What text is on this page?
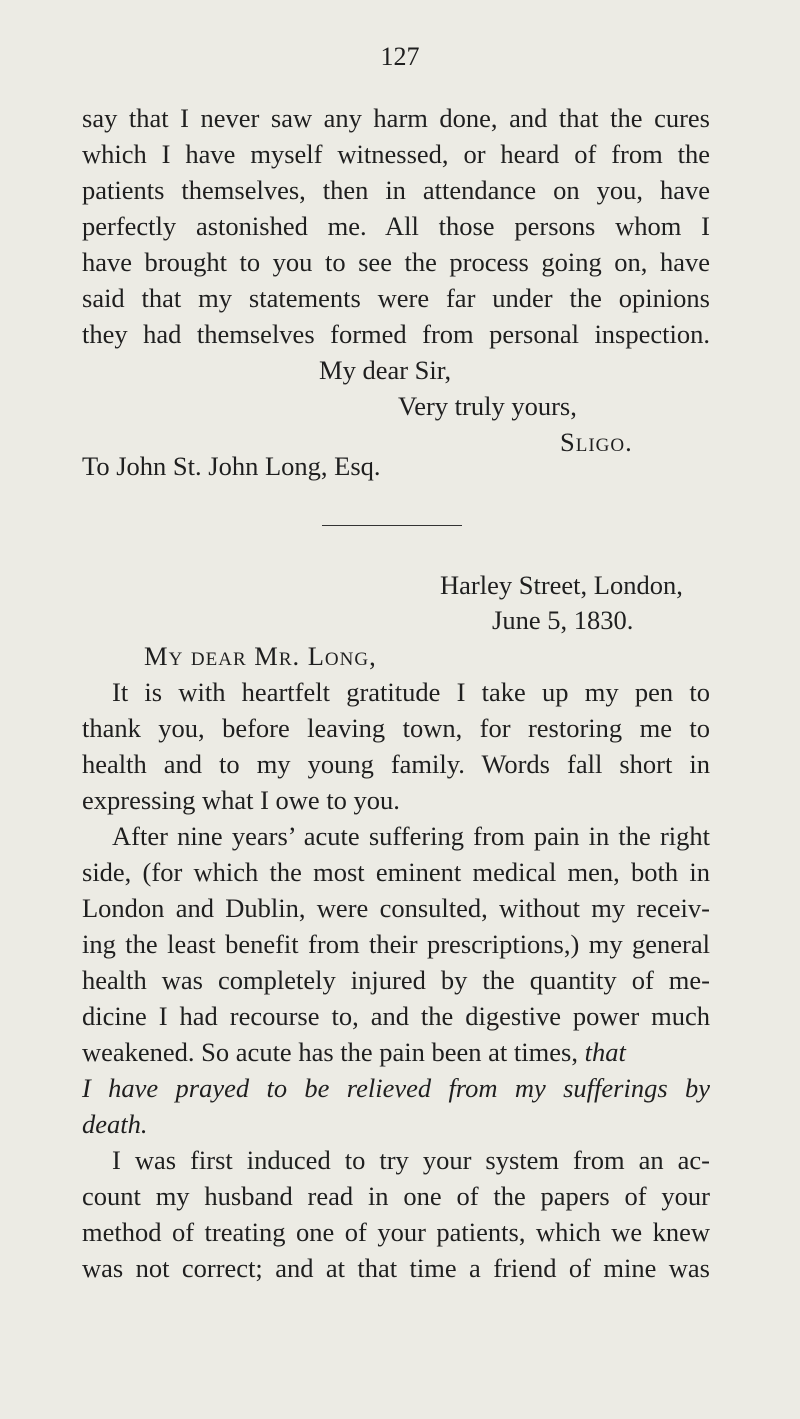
127
say that I never saw any harm done, and that the cures
which I have myself witnessed, or heard of from the
patients themselves, then in attendance on you, have
perfectly astonished me. All those persons whom I
have brought to you to see the process going on, have
said that my statements were far under the opinions
they had themselves formed from personal inspection.
My dear Sir,
Very truly yours,
Sligo.
To John St. John Long, Esq.
Harley Street, London,
June 5, 1830.
My dear Mr. Long,
It is with heartfelt gratitude I take up my pen to
thank you, before leaving town, for restoring me to
health and to my young family. Words fall short in
expressing what I owe to you.
After nine years’ acute suffering from pain in the right
side, (for which the most eminent medical men, both in
London and Dublin, were consulted, without my receiv-
ing the least benefit from their prescriptions,) my general
health was completely injured by the quantity of me-
dicine I had recourse to, and the digestive power much
weakened. So acute has the pain been at times, that
I have prayed to be relieved from my sufferings by
death.
I was first induced to try your system from an ac-
count my husband read in one of the papers of your
method of treating one of your patients, which we knew
was not correct; and at that time a friend of mine was
